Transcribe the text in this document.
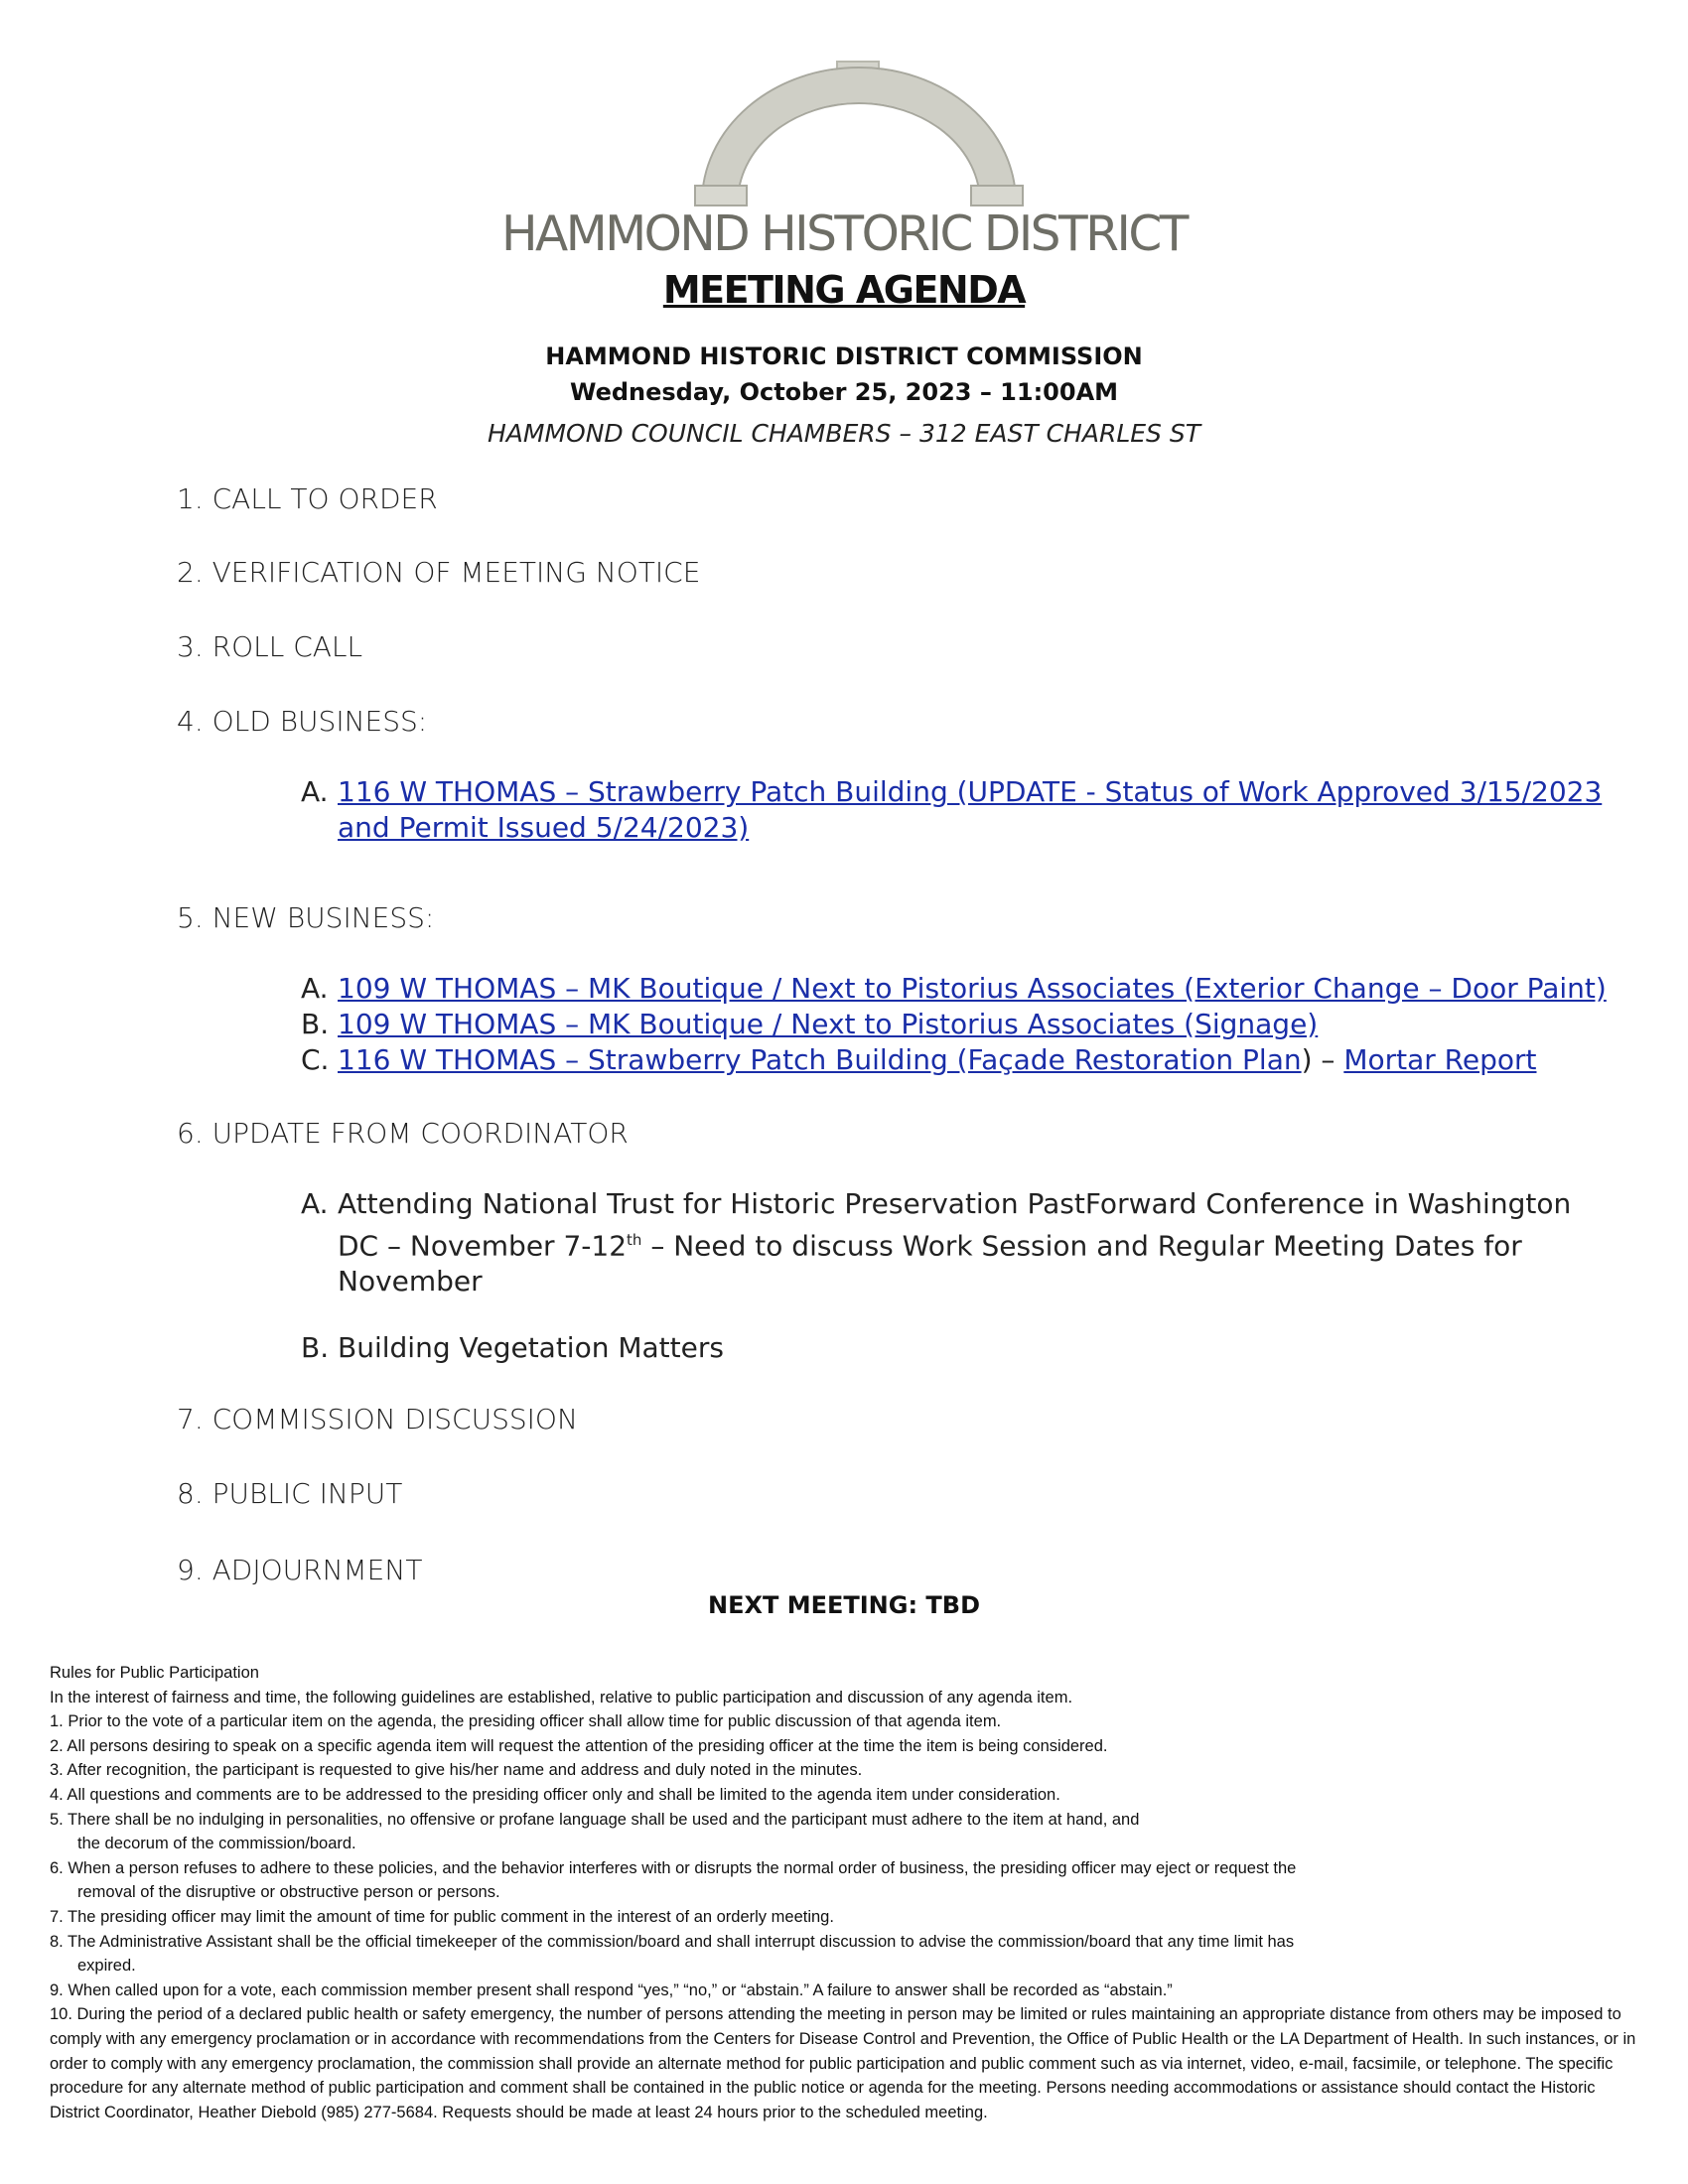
HAMMOND HISTORIC DISTRICT
MEETING AGENDA
HAMMOND HISTORIC DISTRICT COMMISSION
Wednesday, October 25, 2023 – 11:00AM
HAMMOND COUNCIL CHAMBERS – 312 EAST CHARLES ST
1. CALL TO ORDER
2. VERIFICATION OF MEETING NOTICE
3. ROLL CALL
4. OLD BUSINESS:
A. 116 W THOMAS – Strawberry Patch Building (UPDATE - Status of Work Approved 3/15/2023 and Permit Issued 5/24/2023)
5. NEW BUSINESS:
A. 109 W THOMAS – MK Boutique / Next to Pistorius Associates (Exterior Change – Door Paint)
B. 109 W THOMAS – MK Boutique / Next to Pistorius Associates (Signage)
C. 116 W THOMAS – Strawberry Patch Building (Façade Restoration Plan) – Mortar Report
6. UPDATE FROM COORDINATOR
A. Attending National Trust for Historic Preservation PastForward Conference in Washington DC – November 7-12th – Need to discuss Work Session and Regular Meeting Dates for November
B. Building Vegetation Matters
7. COMMISSION DISCUSSION
8. PUBLIC INPUT
9. ADJOURNMENT
NEXT MEETING: TBD

Rules for Public Participation

In the interest of fairness and time, the following guidelines are established, relative to public participation and discussion of any agenda item.

1. Prior to the vote of a particular item on the agenda, the presiding officer shall allow time for public discussion of that agenda item.

2. All persons desiring to speak on a specific agenda item will request the attention of the presiding officer at the time the item is being considered.

3. After recognition, the participant is requested to give his/her name and address and duly noted in the minutes.

4. All questions and comments are to be addressed to the presiding officer only and shall be limited to the agenda item under consideration.

5. There shall be no indulging in personalities, no offensive or profane language shall be used and the participant must adhere to the item at hand, and

the decorum of the commission/board.

6. When a person refuses to adhere to these policies, and the behavior interferes with or disrupts the normal order of business, the presiding officer may eject or request the

removal of the disruptive or obstructive person or persons.

7. The presiding officer may limit the amount of time for public comment in the interest of an orderly meeting.

8. The Administrative Assistant shall be the official timekeeper of the commission/board and shall interrupt discussion to advise the commission/board that any time limit has

expired.

9. When called upon for a vote, each commission member present shall respond “yes,” “no,” or “abstain.” A failure to answer shall be recorded as “abstain.”

10. During the period of a declared public health or safety emergency, the number of persons attending the meeting in person may be limited or rules maintaining an appropriate distance from others may be imposed to comply with any emergency proclamation or in accordance with recommendations from the Centers for Disease Control and Prevention, the Office of Public Health or the LA Department of Health. In such instances, or in order to comply with any emergency proclamation, the commission shall provide an alternate method for public participation and public comment such as via internet, video, e-mail, facsimile, or telephone. The specific procedure for any alternate method of public participation and comment shall be contained in the public notice or agenda for the meeting. Persons needing accommodations or assistance should contact the Historic District Coordinator, Heather Diebold (985) 277-5684. Requests should be made at least 24 hours prior to the scheduled meeting.
